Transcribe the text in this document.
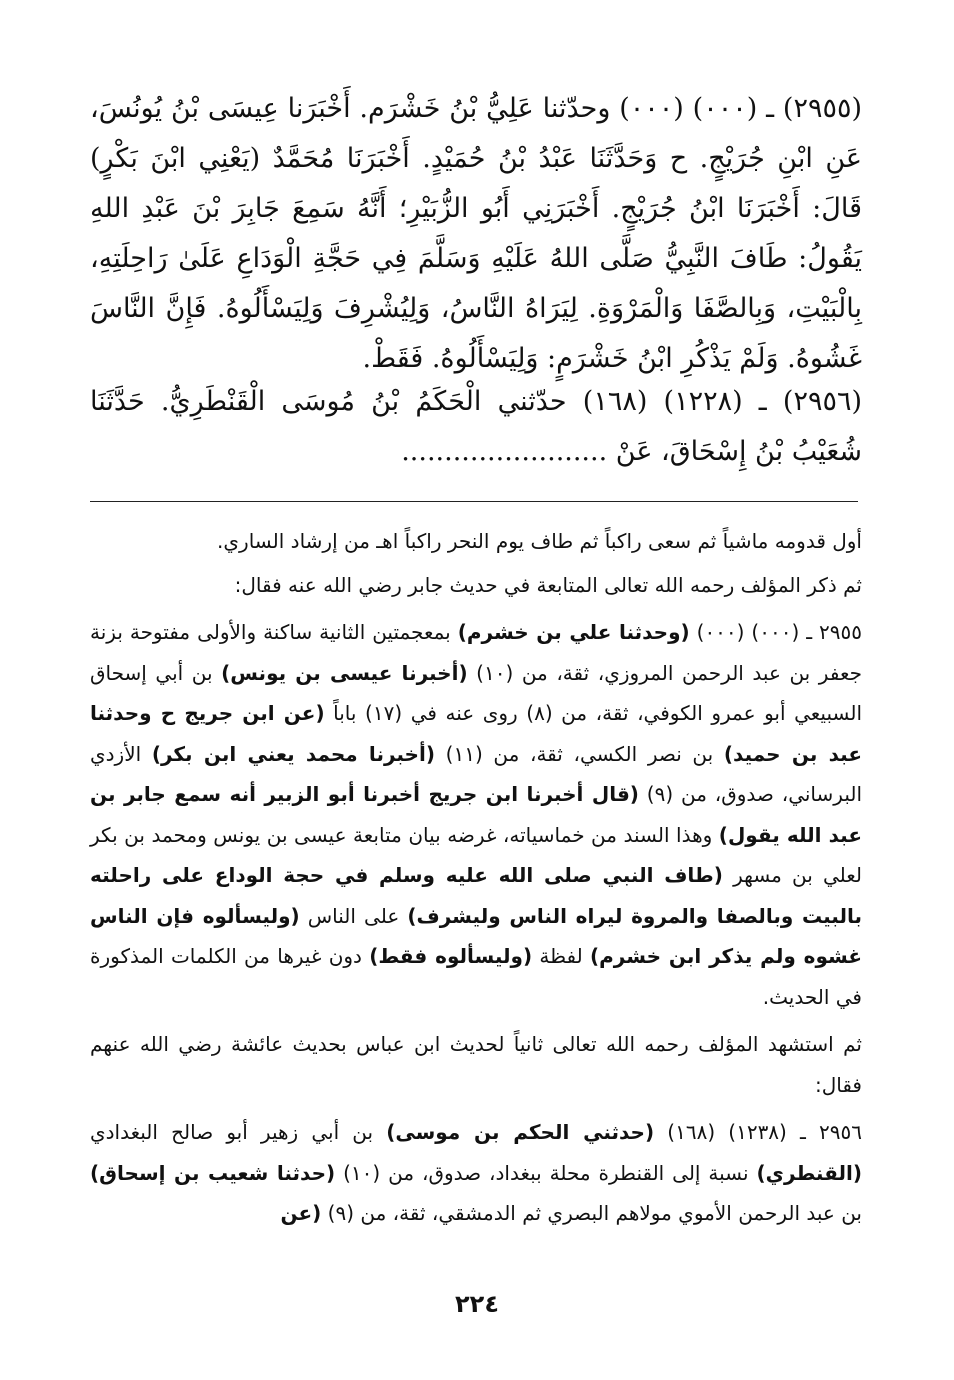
(٢٩٥٥) ـ (٠٠٠) (٠٠٠) وحدّثنا عَلِيُّ بْنُ خَشْرَم. أَخْبَرَنا عِيسَى بْنُ يُونُسَ، عَنِ ابْنِ جُرَيْجٍ. ح وَحَدَّثَنَا عَبْدُ بْنُ حُمَيْدٍ. أَخْبَرَنَا مُحَمَّدٌ (يَعْنِي ابْنَ بَكْرٍ) قَالَ: أَخْبَرَنَا ابْنُ جُرَيْجٍ. أَخْبَرَنِي أَبُو الزُّبَيْرِ؛ أَنَّهُ سَمِعَ جَابِرَ بْنَ عَبْدِ اللهِ يَقُولُ: طَافَ النَّبِيُّ صَلَّى اللهُ عَلَيْهِ وَسَلَّمَ فِي حَجَّةِ الْوَدَاعِ عَلَىٰ رَاحِلَتِهِ، بِالْبَيْتِ، وَبِالصَّفَا وَالْمَرْوَةِ. لِيَرَاهُ النَّاسُ، وَلِيُشْرِفَ وَلِيَسْأَلُوهُ. فَإِنَّ النَّاسَ غَشُوهُ. وَلَمْ يَذْكُرِ ابْنُ خَشْرَمٍ: وَلِيَسْأَلُوهُ. فَقَطْ.

(٢٩٥٦) ـ (١٢٢٨) (١٦٨) حدّثني الْحَكَمُ بْنُ مُوسَى الْقَنْطَرِيُّ. حَدَّثَنَا شُعَيْبُ بْنُ إِسْحَاقَ، عَنْ ........................

أول قدومه ماشياً ثم سعى راكباً ثم طاف يوم النحر راكباً اهـ من إرشاد الساري.

ثم ذكر المؤلف رحمه الله تعالى المتابعة في حديث جابر رضي الله عنه فقال:

٢٩٥٥ ـ (٠٠٠) (٠٠٠) (وحدثنا علي بن خشرم) بمعجمتين الثانية ساكنة والأولى مفتوحة بزنة جعفر بن عبد الرحمن المروزي، ثقة، من (١٠) (أخبرنا عيسى بن يونس) بن أبي إسحاق السبيعي أبو عمرو الكوفي، ثقة، من (٨) روى عنه في (١٧) باباً (عن ابن جريج ح وحدثنا عبد بن حميد) بن نصر الكسي، ثقة، من (١١) (أخبرنا محمد يعني ابن بكر) الأزدي البرساني، صدوق، من (٩) (قال أخبرنا ابن جريج أخبرنا أبو الزبير أنه سمع جابر بن عبد الله يقول) وهذا السند من خماسياته، غرضه بيان متابعة عيسى بن يونس ومحمد بن بكر لعلي بن مسهر (طاف النبي صلى الله عليه وسلم في حجة الوداع على راحلته بالبيت وبالصفا والمروة ليراه الناس وليشرف) على الناس (وليسألوه فإن الناس غشوه ولم يذكر ابن خشرم) لفظة (وليسألوه فقط) دون غيرها من الكلمات المذكورة في الحديث.

ثم استشهد المؤلف رحمه الله تعالى ثانياً لحديث ابن عباس بحديث عائشة رضي الله عنهم فقال:

٢٩٥٦ ـ (١٢٣٨) (١٦٨) (حدثني الحكم بن موسى) بن أبي زهير أبو صالح البغدادي (القنطري) نسبة إلى القنطرة محلة ببغداد، صدوق، من (١٠) (حدثنا شعيب بن إسحاق) بن عبد الرحمن الأموي مولاهم البصري ثم الدمشقي، ثقة، من (٩) (عن

٢٢٤
